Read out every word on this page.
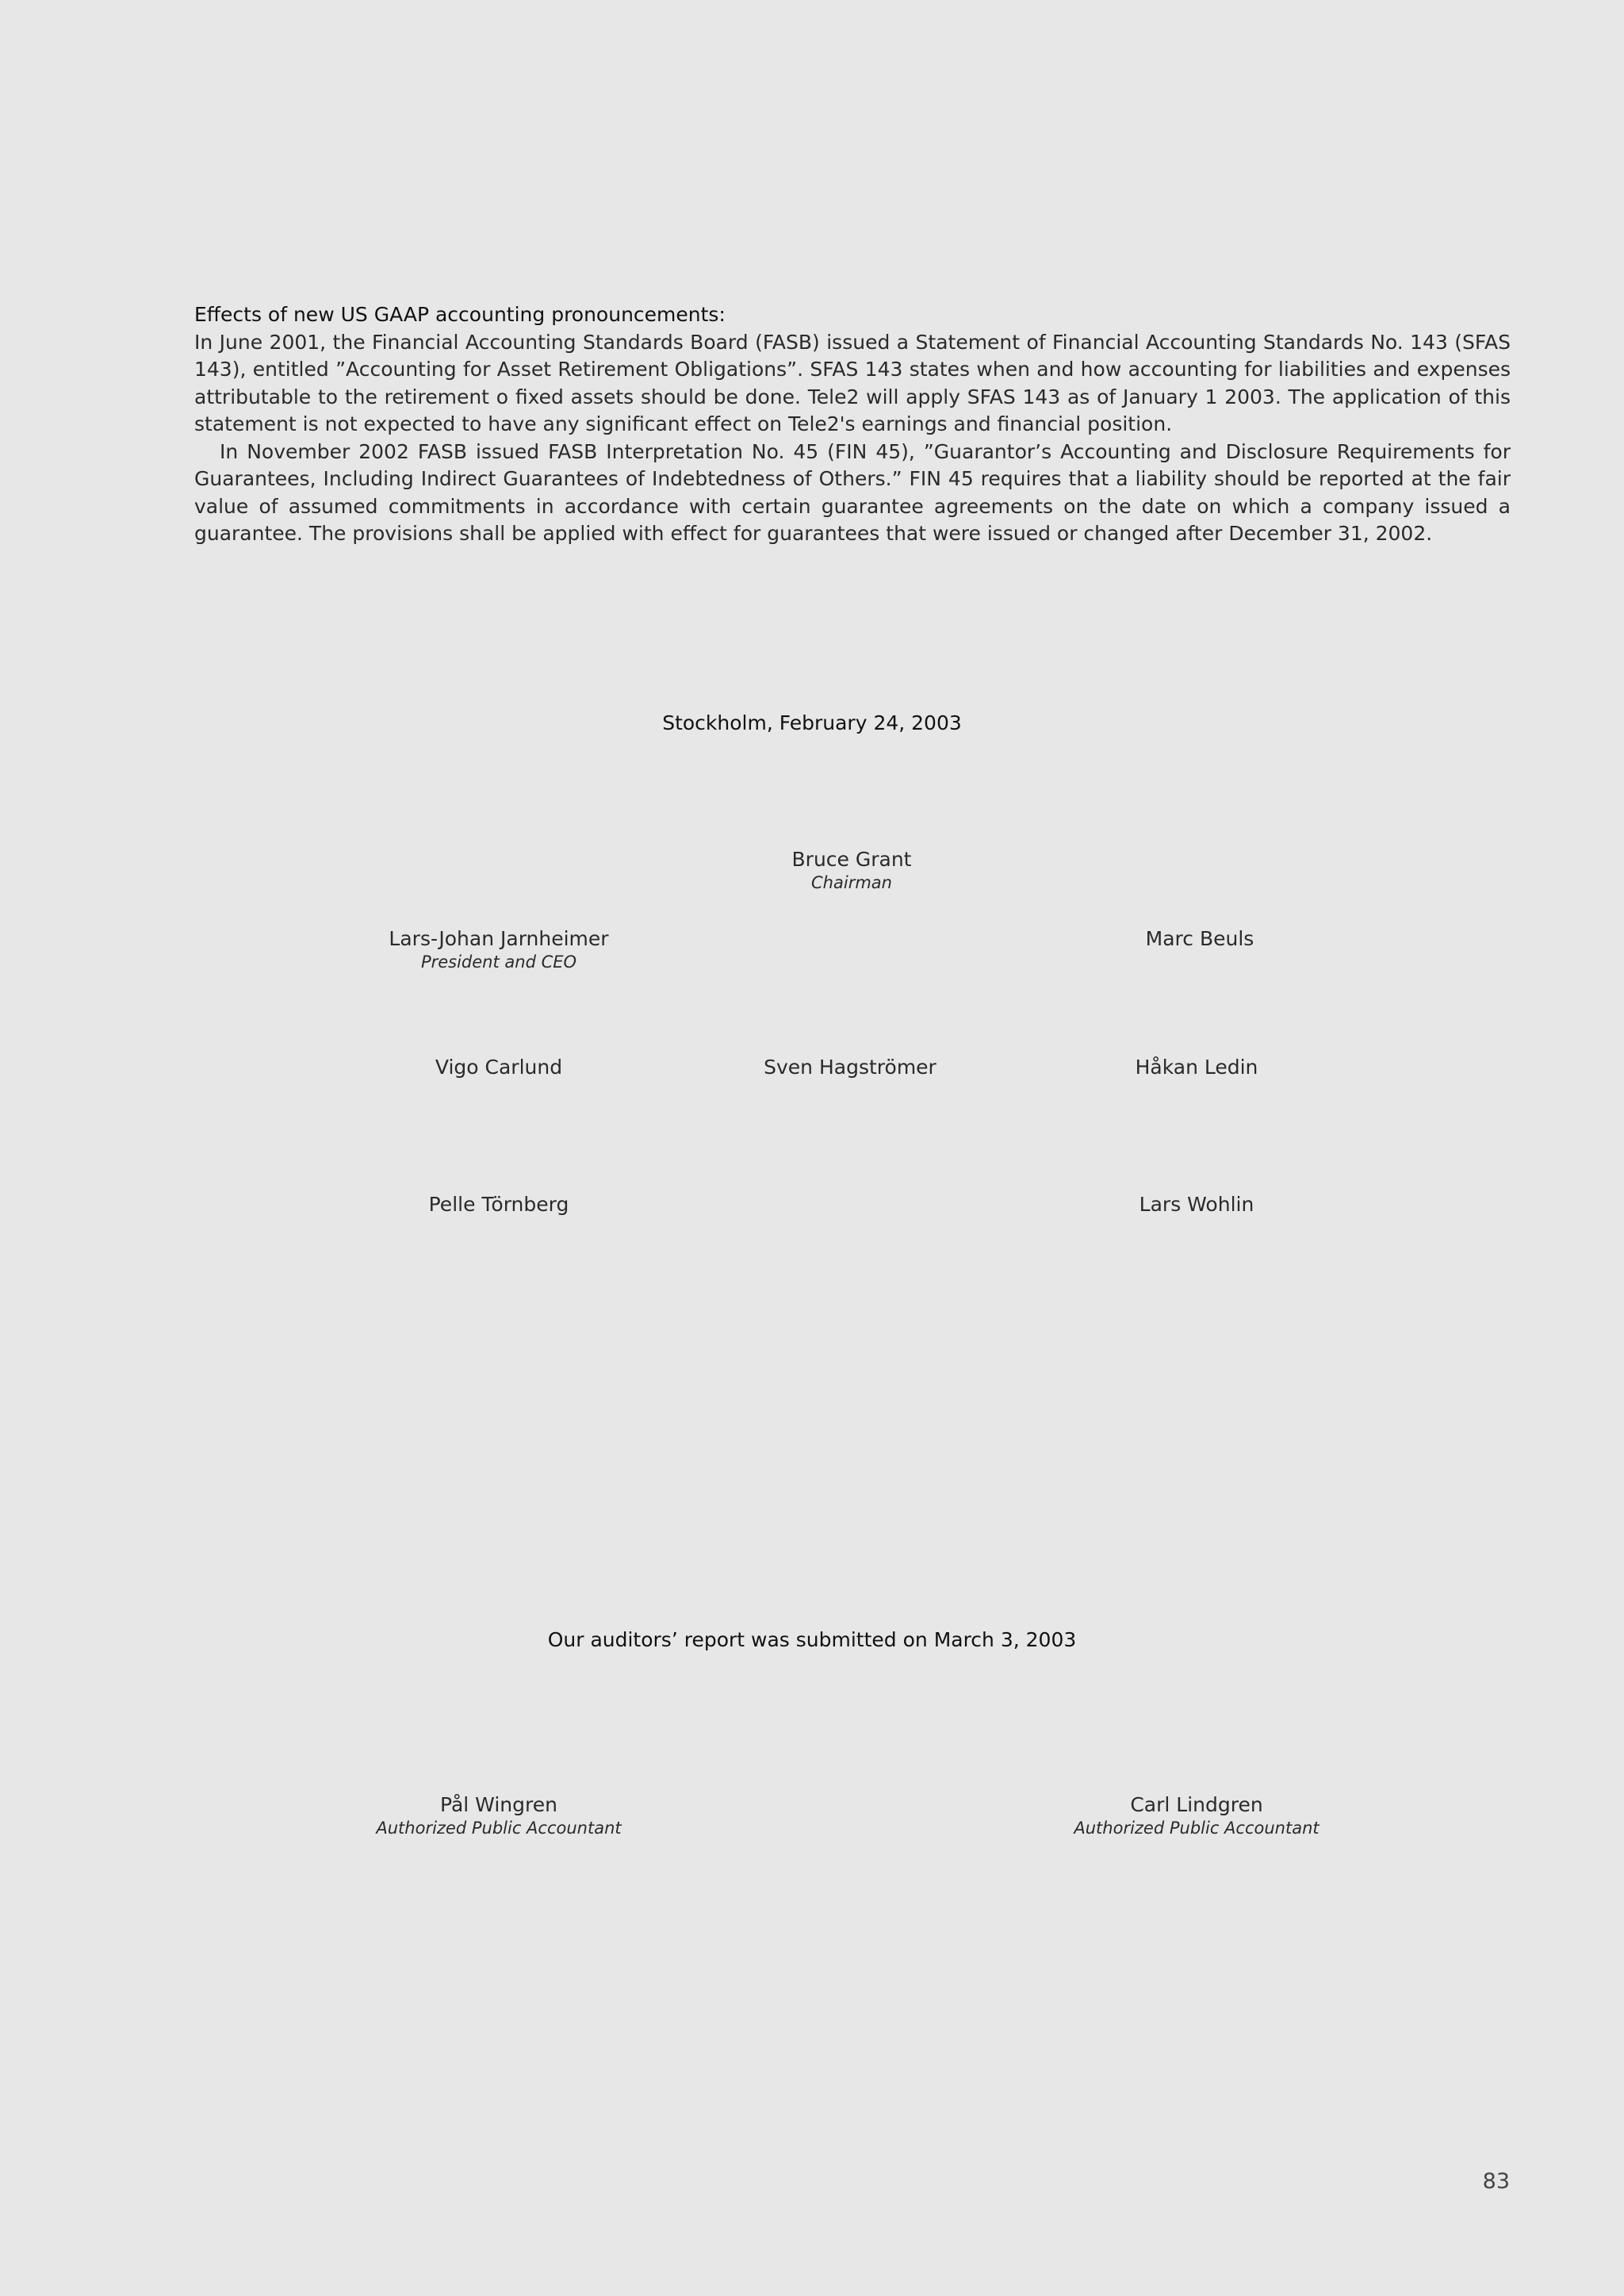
Effects of new US GAAP accounting pronouncements:

In June 2001, the Financial Accounting Standards Board (FASB) issued a Statement of Financial Accounting Standards No. 143 (SFAS 143), entitled ”Accounting for Asset Retirement Obligations”. SFAS 143 states when and how accounting for liabilities and expenses attributable to the retirement o fixed assets should be done. Tele2 will apply SFAS 143 as of January 1 2003. The application of this statement is not expected to have any significant effect on Tele2's earnings and financial position.

In November 2002 FASB issued FASB Interpretation No. 45 (FIN 45), ”Guarantor’s Accounting and Disclosure Requirements for Guarantees, Including Indirect Guarantees of Indebtedness of Others.” FIN 45 requires that a liability should be reported at the fair value of assumed commitments in accordance with certain guarantee agreements on the date on which a company issued a guarantee. The provisions shall be applied with effect for guarantees that were issued or changed after December 31, 2002.

Stockholm, February 24, 2003
Bruce Grant
Chairman
Lars-Johan Jarnheimer
President and CEO
Marc Beuls
Vigo Carlund	Sven Hagströmer	Håkan Ledin
Pelle Törnberg	Lars Wohlin
Our auditors’ report was submitted on March 3, 2003
Pål Wingren
Authorized Public Accountant
Carl Lindgren
Authorized Public Accountant
83
